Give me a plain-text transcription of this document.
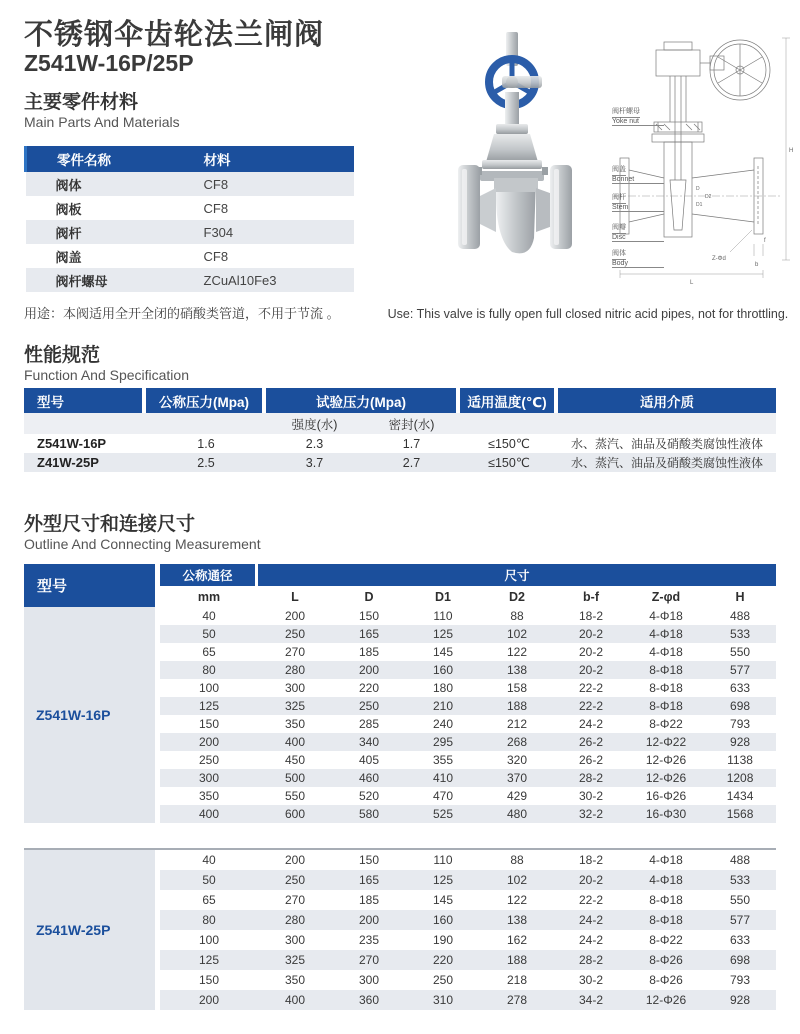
不锈钢伞齿轮法兰闸阀
Z541W-16P/25P
Z-Φd
L
b
f
H
D
D1
D2
阀杆螺母
Yoke nut
阀盖
Bonnet
阀杆
Stem
阀瓣
Disc
阀体
Body
主要零件材料
Main Parts And Materials
零件名称	材料
阀体	CF8
阀板	CF8
阀杆	F304
阀盖	CF8
阀杆螺母	ZCuAl10Fe3
用途：本阀适用全开全闭的硝酸类管道，不用于节流 。	Use: This valve is fully open full closed nitric acid pipes, not for throttling.
性能规范
Function And Specification
型号	公称压力(Mpa)	试验压力(Mpa)		适用温度(℃)	适用介质
		强度(水)	密封(水)		
Z541W-16P	1.6	2.3	1.7	≤150℃	水、蒸汽、油品及硝酸类腐蚀性液体
Z41W-25P	2.5	3.7	2.7	≤150℃	水、蒸汽、油品及硝酸类腐蚀性液体
外型尺寸和连接尺寸
Outline And Connecting Measurement
型号	公称通径	尺寸						
	mm	L	D	D1	D2	b-f	Z-φd	H
Z541W-16P	40	200	150	110	88	18-2	4-Φ18	488
	50	250	165	125	102	20-2	4-Φ18	533
	65	270	185	145	122	20-2	4-Φ18	550
	80	280	200	160	138	20-2	8-Φ18	577
	100	300	220	180	158	22-2	8-Φ18	633
	125	325	250	210	188	22-2	8-Φ18	698
	150	350	285	240	212	24-2	8-Φ22	793
	200	400	340	295	268	26-2	12-Φ22	928
	250	450	405	355	320	26-2	12-Φ26	1138
	300	500	460	410	370	28-2	12-Φ26	1208
	350	550	520	470	429	30-2	16-Φ26	1434
	400	600	580	525	480	32-2	16-Φ30	1568
Z541W-25P	40	200	150	110	88	18-2	4-Φ18	488
	50	250	165	125	102	20-2	4-Φ18	533
	65	270	185	145	122	22-2	8-Φ18	550
	80	280	200	160	138	24-2	8-Φ18	577
	100	300	235	190	162	24-2	8-Φ22	633
	125	325	270	220	188	28-2	8-Φ26	698
	150	350	300	250	218	30-2	8-Φ26	793
	200	400	360	310	278	34-2	12-Φ26	928
